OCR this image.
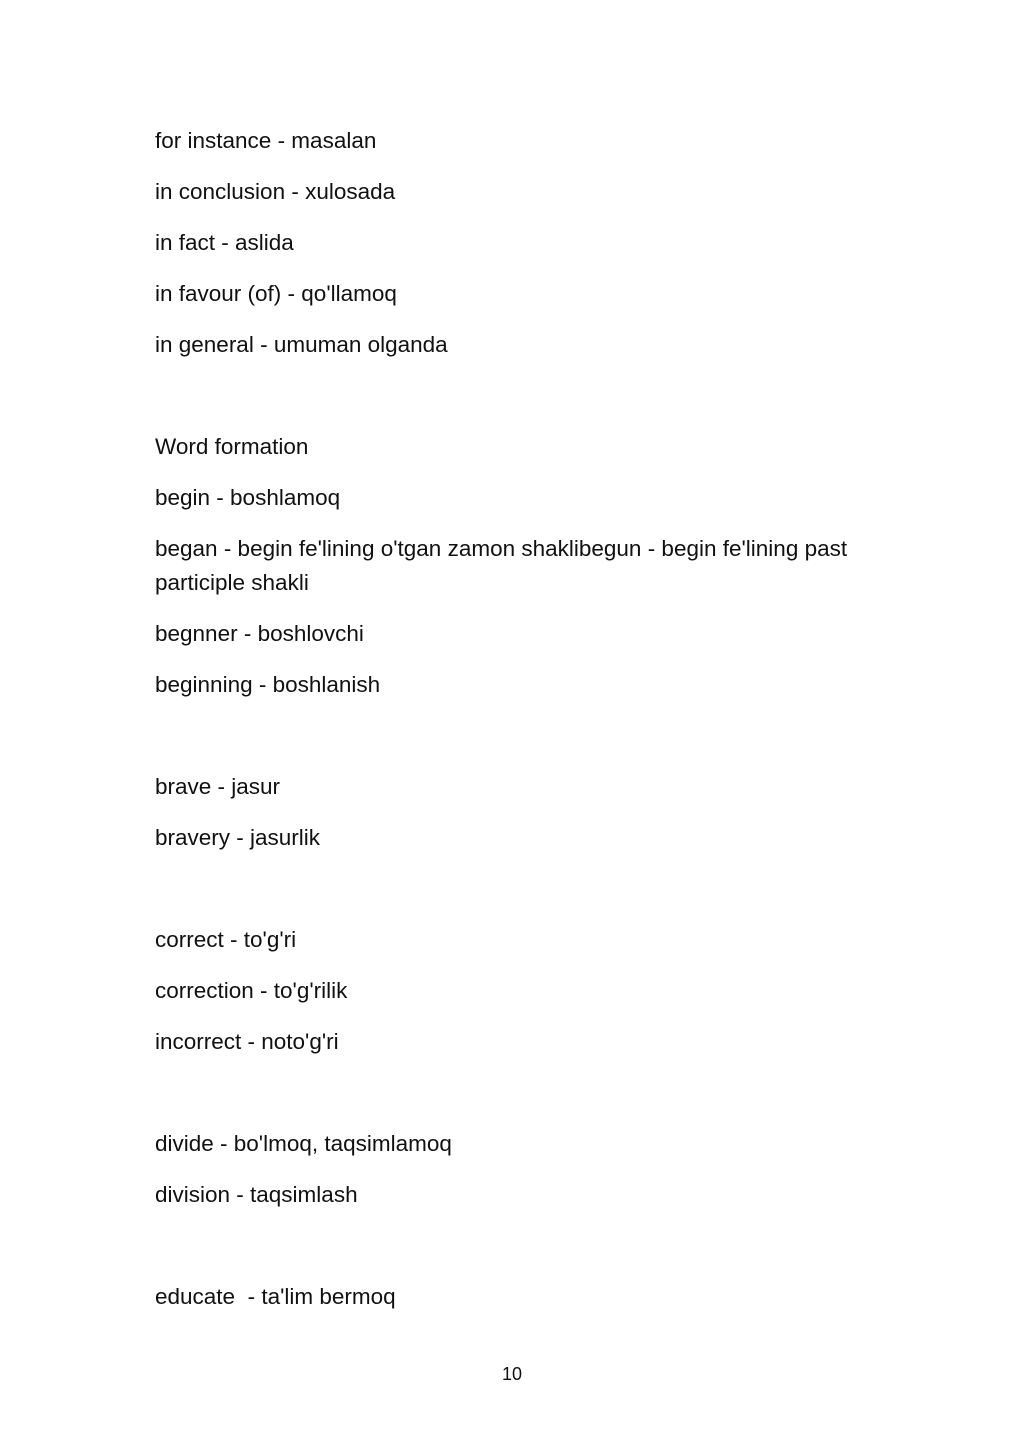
for instance - masalan

in conclusion - xulosada

in fact - aslida

in favour (of) - qo'llamoq

in general - umuman olganda

Word formation

begin - boshlamoq

began - begin fe'lining o'tgan zamon shaklibegun - begin fe'lining past participle shakli

begnner - boshlovchi

beginning - boshlanish

brave - jasur

bravery - jasurlik

correct - to'g'ri

correction - to'g'rilik

incorrect - noto'g'ri

divide - bo'lmoq, taqsimlamoq

division - taqsimlash

educate  - ta'lim bermoq

10
